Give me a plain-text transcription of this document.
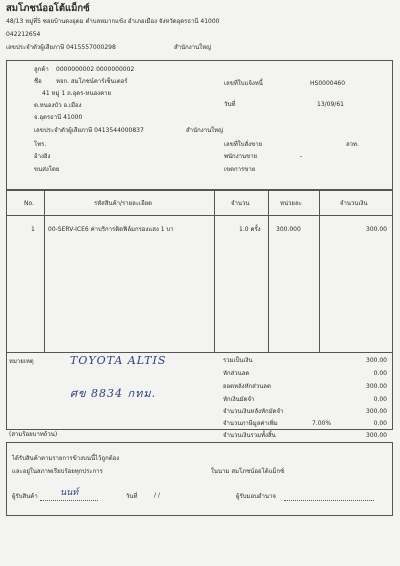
สมโภชน์ออโต้แม็กซ์
48/13 หมู่ที่5 ซอยบ้านดงอุดม ตำบลหมากแข้ง อำเภอเมือง จังหวัดอุดรธานี 41000
042212654
เลขประจำตัวผู้เสียภาษี 0415557000298	สำนักงานใหญ่
ลูกค้า 0000000002 0000000002
ชื่อ หจก. สมโภชน์คาร์เซ็นเตอร์
41 หมู่ 1 ถ.อุดร-หนองคาย
ต.หนองบัว อ.เมือง
จ.อุดรธานี 41000
เลขประจำตัวผู้เสียภาษี 0413544000837	สำนักงานใหญ่
โทร.
อ้างอิง
ขนส่งโดย
เลขที่ใบแจ้งหนี้	HS0000460
วันที่	13/09/61
เลขที่ใบสั่งขาย	ลวท.
พนักงานขาย	-
เขตการขาย
No.	รหัสสินค้า/รายละเอียด	จำนวน	หน่วยละ	จำนวนเงิน
1 00-SERV-ICE6 ค่าบริการติดฟิล์มกรองแสง 1 บา	1.0 ครั้ง	300.000	300.00
หมายเหตุ	TOYOTA ALTIS
ศข 8834 กทม.
(สามร้อยบาทถ้วน)
รวมเป็นเงิน	300.00
หักส่วนลด	0.00
ยอดหลังหักส่วนลด	300.00
หักเงินมัดจำ	0.00
จำนวนเงินหลังหักมัดจำ	300.00
จำนวนภาษีมูลค่าเพิ่ม	7.00%	0.00
จำนวนเงินรวมทั้งสิ้น	300.00
ได้รับสินค้าตามรายการข้างบนนี้ไว้ถูกต้อง
และอยู่ในสภาพเรียบร้อยทุกประการ	ในนาม สมโภชน์ออโต้แม็กซ์
ผู้รับสินค้า นนท์	วันที่	/ /	ผู้รับมอบอำนาจ
